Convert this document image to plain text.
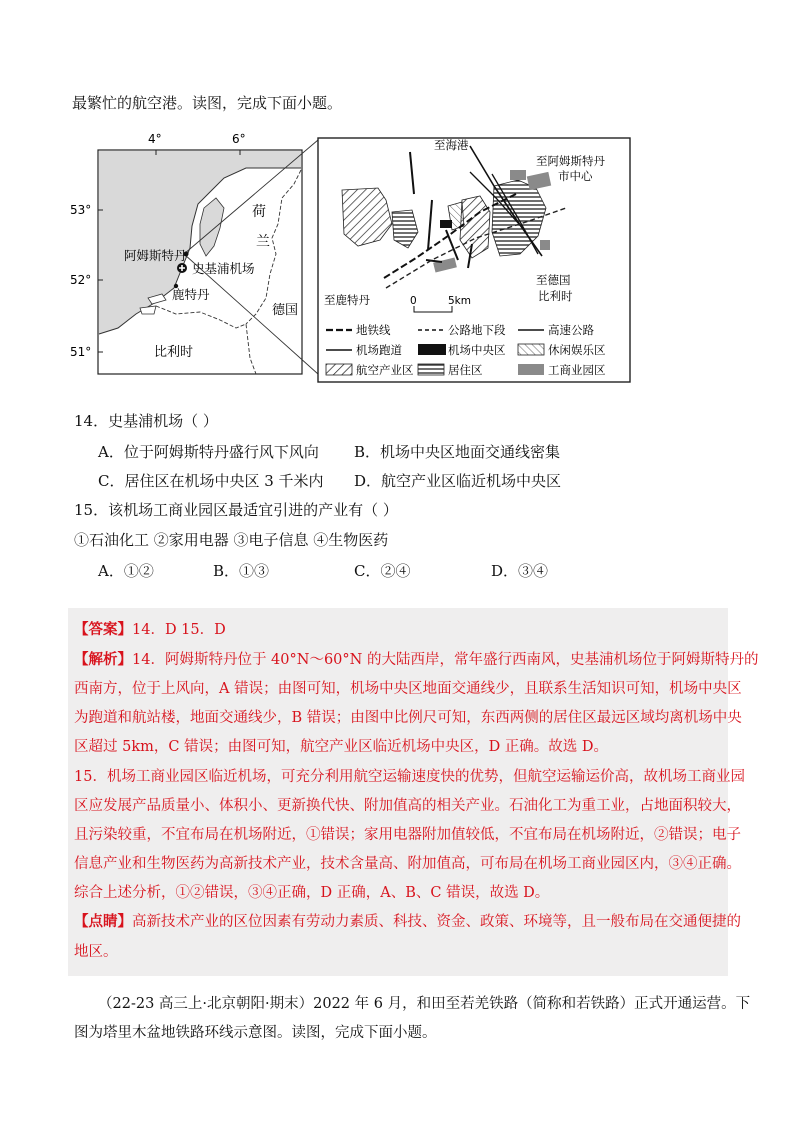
最繁忙的航空港。读图，完成下面小题。
4°	6°
53°
52°
51°
阿姆斯特丹
史基浦机场
鹿特丹
荷
兰
德国
比利时
至海港
至阿姆斯特丹
市中心
至鹿特丹
至德国
比利时
0	5km
地铁线	公路地下段	高速公路
机场跑道	机场中央区	休闲娱乐区
航空产业区	居住区	工商业园区
14．史基浦机场（ ）
A．位于阿姆斯特丹盛行风下风向 B．机场中央区地面交通线密集
C．居住区在机场中央区 3 千米内 D．航空产业区临近机场中央区
15．该机场工商业园区最适宜引进的产业有（ ）
①石油化工 ②家用电器 ③电子信息 ④生物医药
A．①②	B．①③	C．②④	D．③④
【答案】14．D 15．D
【解析】14．阿姆斯特丹位于 40°N～60°N 的大陆西岸，常年盛行西南风，史基浦机场位于阿姆斯特丹的
西南方，位于上风向，A 错误；由图可知，机场中央区地面交通线少，且联系生活知识可知，机场中央区
为跑道和航站楼，地面交通线少，B 错误；由图中比例尺可知，东西两侧的居住区最远区域均离机场中央
区超过 5km，C 错误；由图可知，航空产业区临近机场中央区，D 正确。故选 D。
15．机场工商业园区临近机场，可充分利用航空运输速度快的优势，但航空运输运价高，故机场工商业园
区应发展产品质量小、体积小、更新换代快、附加值高的相关产业。石油化工为重工业，占地面积较大，
且污染较重，不宜布局在机场附近，①错误；家用电器附加值较低，不宜布局在机场附近，②错误；电子
信息产业和生物医药为高新技术产业，技术含量高、附加值高，可布局在机场工商业园区内，③④正确。
综合上述分析，①②错误，③④正确，D 正确，A、B、C 错误，故选 D。
【点睛】高新技术产业的区位因素有劳动力素质、科技、资金、政策、环境等，且一般布局在交通便捷的
地区。
（22-23 高三上·北京朝阳·期末）2022 年 6 月，和田至若羌铁路（简称和若铁路）正式开通运营。下
图为塔里木盆地铁路环线示意图。读图，完成下面小题。
